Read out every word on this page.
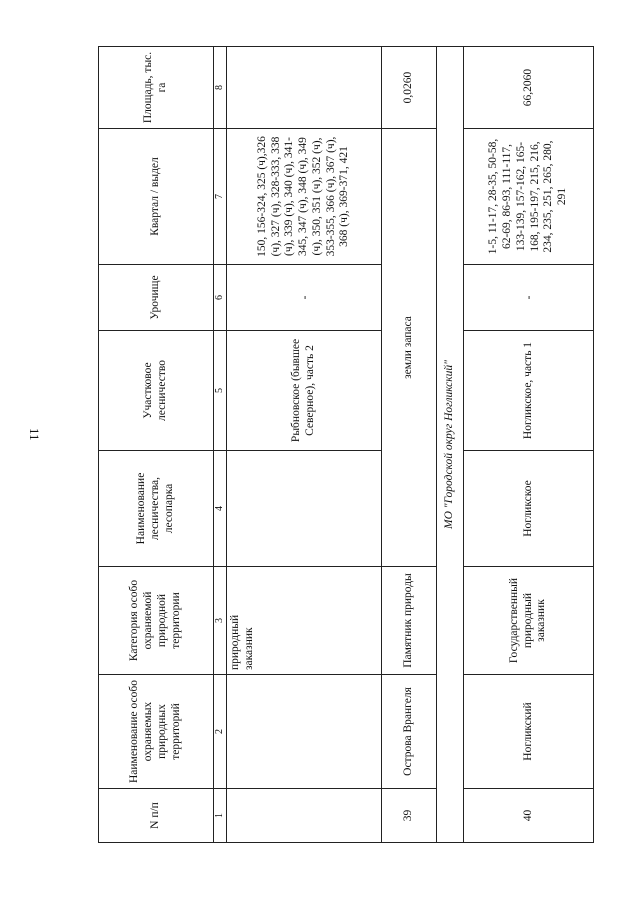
11
N п/п	Наименование особо охраняемых природных территорий	Категория особо охраняемой природной территории	Наименование лесничества, лесопарка	Участковое лесничество	Урочище	Квартал / выдел	Площадь, тыс. га
1	2	3	4	5	6	7	8
		природный заказник		Рыбновское (бывшее Северное), часть 2	-	150, 156-324, 325 (ч),326 (ч), 327 (ч), 328-333, 338 (ч), 339 (ч), 340 (ч), 341-345, 347 (ч), 348 (ч), 349 (ч), 350, 351 (ч), 352 (ч), 353-355, 366 (ч), 367 (ч), 368 (ч), 369-371, 421	
39	Острова Врангеля	Памятник природы	земли запаса				0,0260
МО "Городской округ Ногликский"							
40	Ногликский	Государственный природный заказник	Ногликское	Ногликское, часть 1	-	1-5, 11-17, 28-35, 50-58, 62-69, 86-93, 111-117, 133-139, 157-162, 165-168, 195-197, 215, 216, 234, 235, 251, 265, 280, 291	66,2060
